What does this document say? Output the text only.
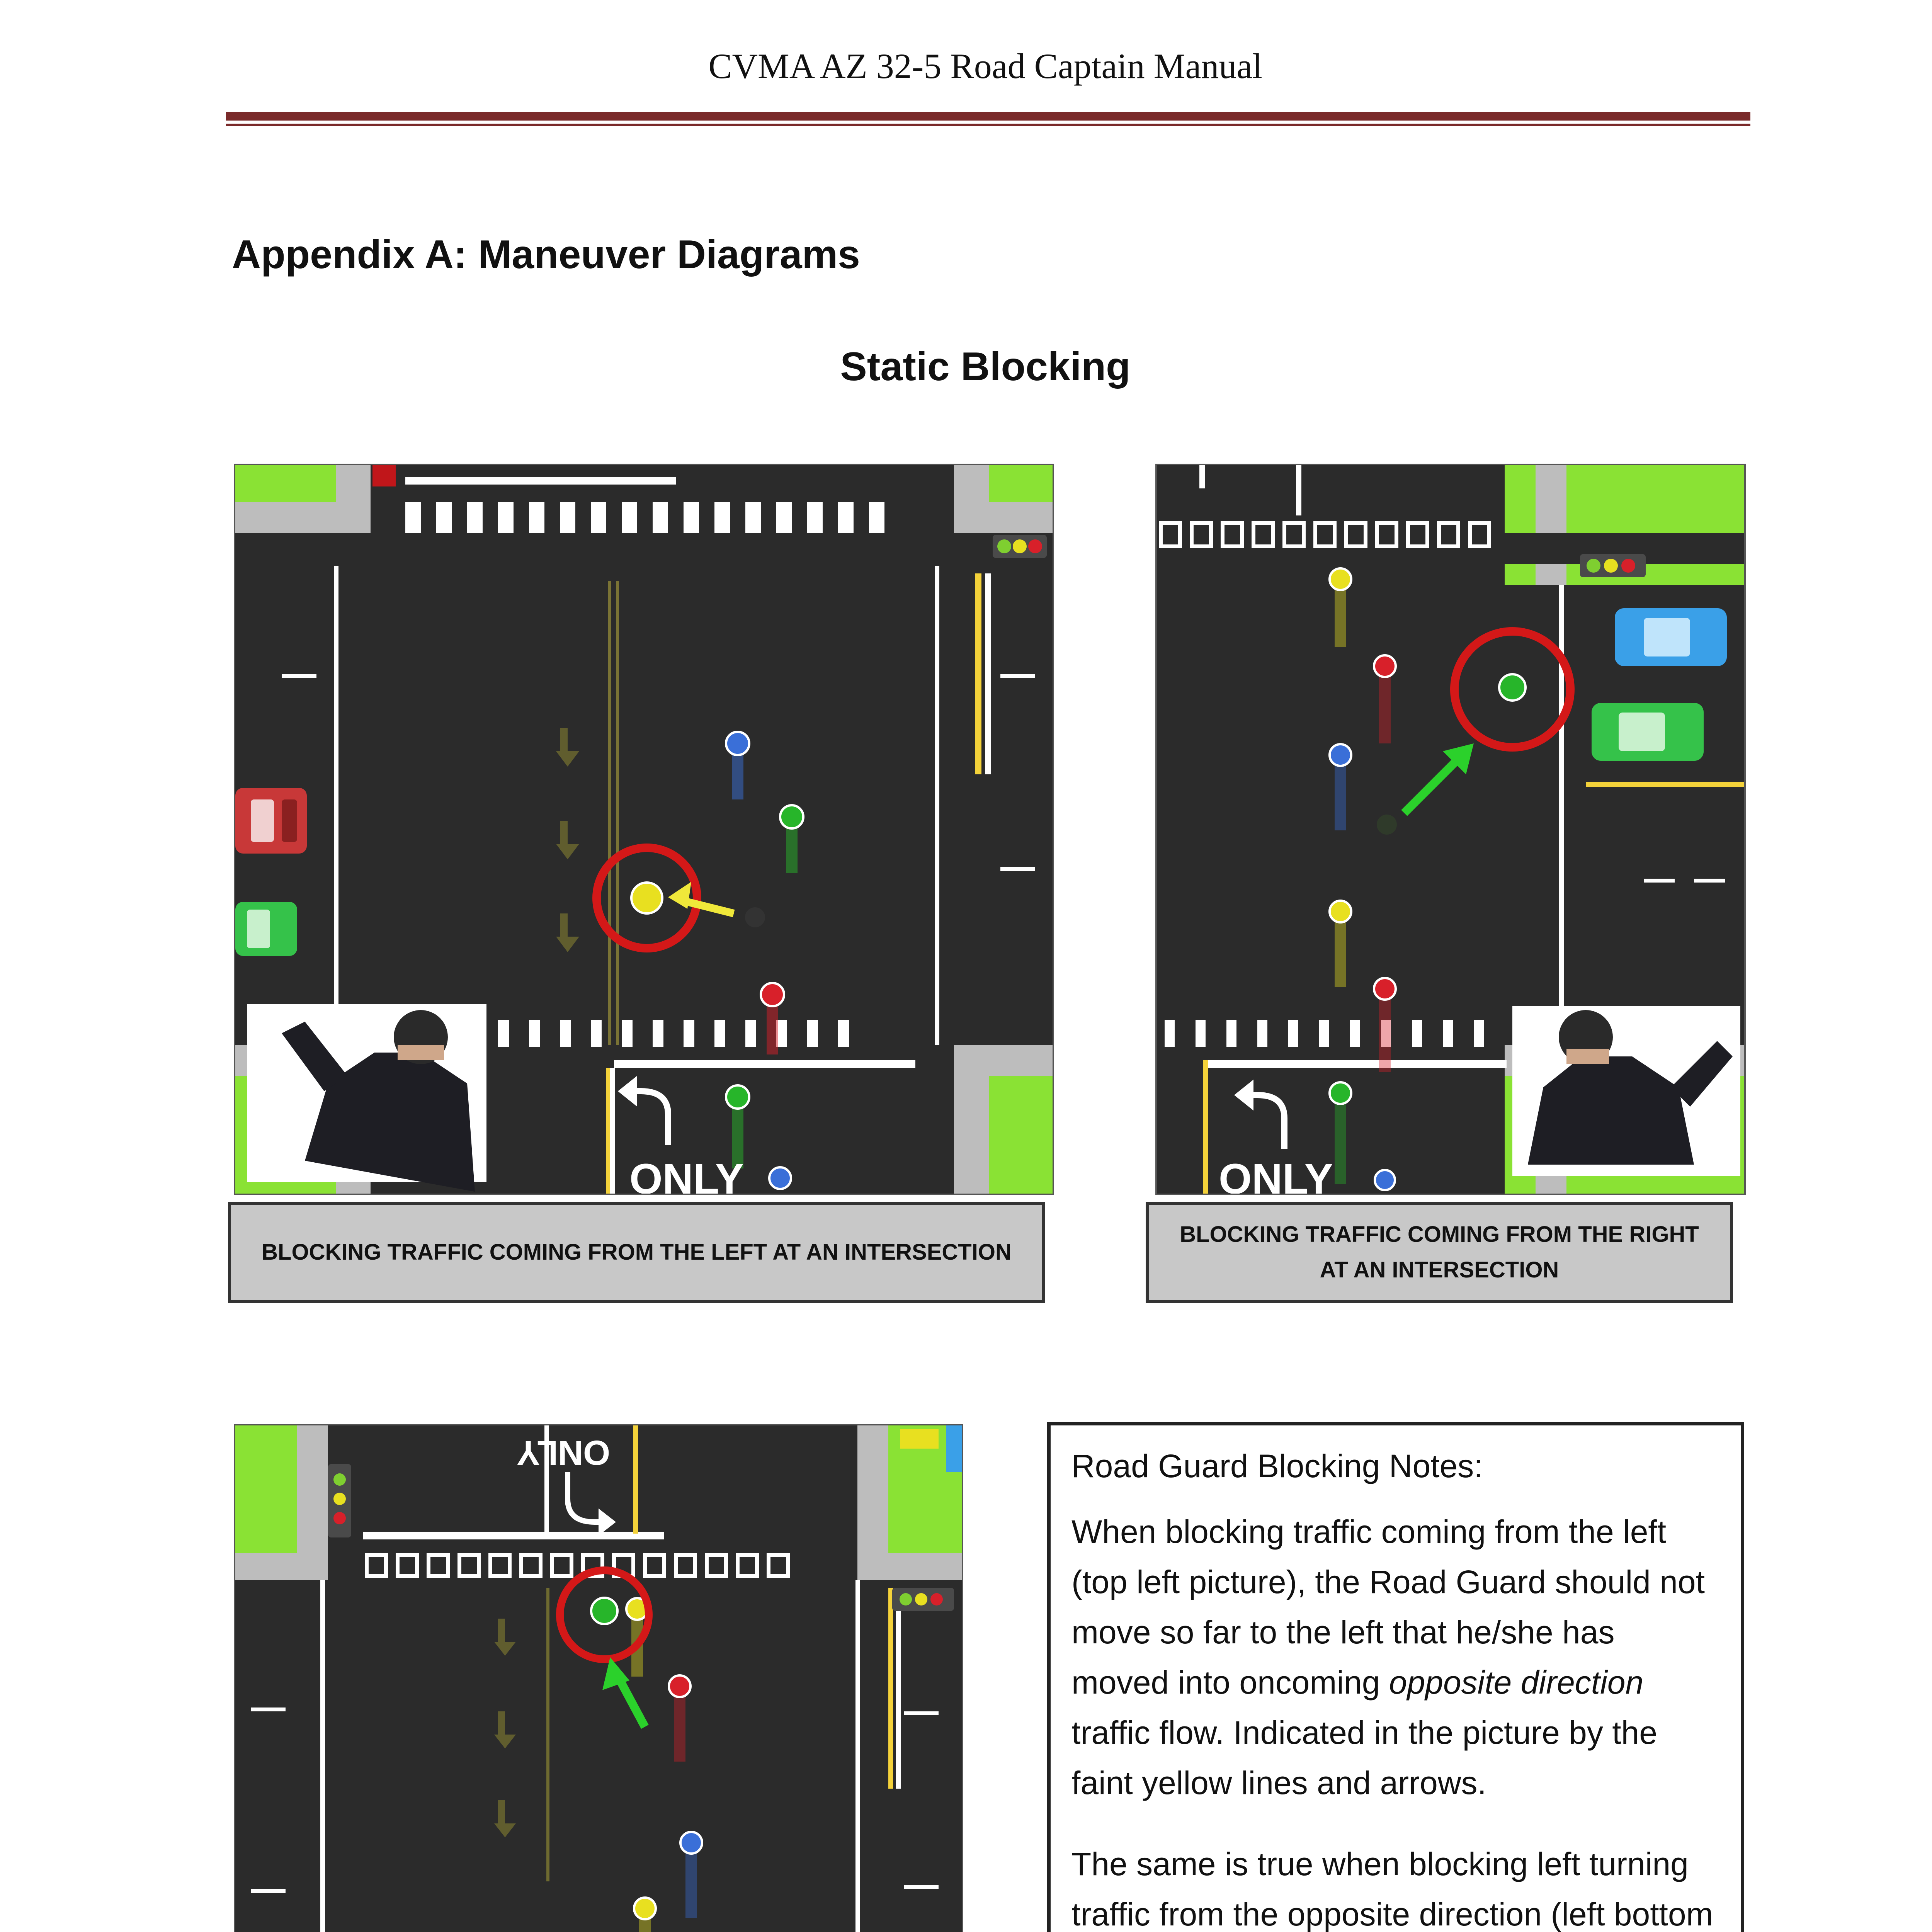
CVMA AZ 32-5 Road Captain Manual
Appendix A: Maneuver Diagrams
Static Blocking
ONLY
BLOCKING TRAFFIC COMING FROM THE LEFT AT AN INTERSECTION
ONLY
BLOCKING TRAFFIC COMING FROM THE RIGHT AT AN INTERSECTION
ONLY	Road Guard Blocking Notes:

When blocking traffic coming from the left (top left picture), the Road Guard should not move so far to the left that he/she has moved into oncoming opposite direction traffic flow. Indicated in the picture by the faint yellow lines and arrows.

The same is true when blocking left turning traffic from the opposite direction (left bottom
